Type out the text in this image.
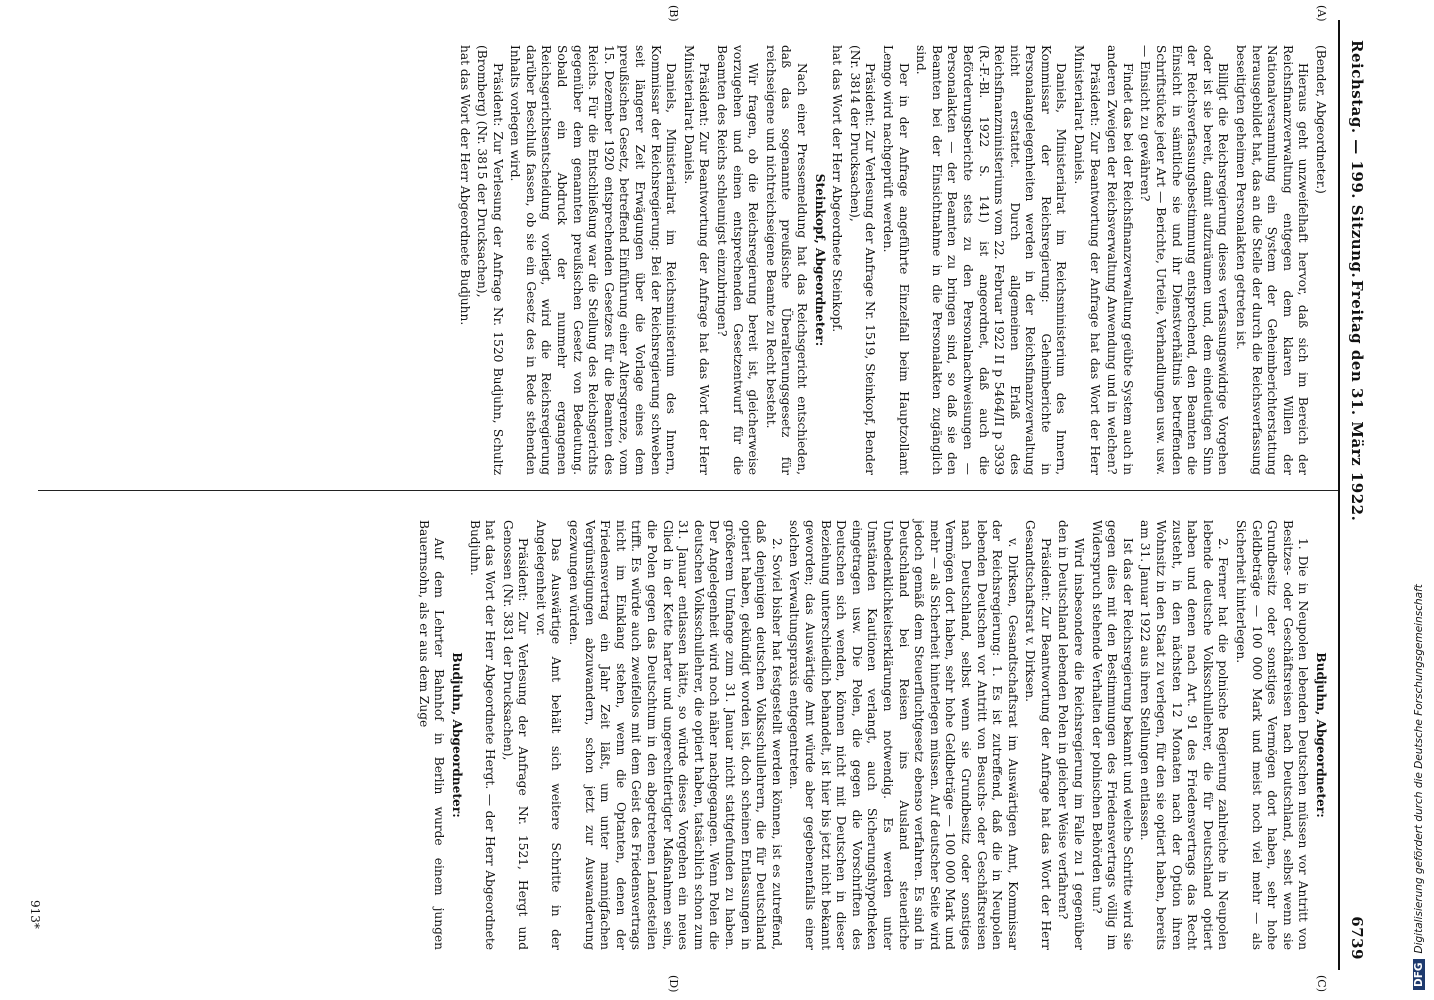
Reichstag. — 199. Sitzung.
Freitag den 31. März 1922.
6739
(A)
(B)
(C)
(D)

(Bender, Abgeordneter.)

Hieraus geht unzweifelhaft hervor, daß sich im Bereich der Reichsfinanzverwaltung entgegen dem klaren Willen der Nationalversammlung ein System der Geheimberichterstattung herausgebildet hat, das an die Stelle der durch die Reichsverfassung beseitigten geheimen Personalakten getreten ist.

Billigt die Reichsregierung dieses verfassungswidrige Vorgehen oder ist sie bereit, damit aufzuräumen und, dem eindeutigen Sinn der Reichsverfassungsbestimmung entsprechend, den Beamten die Einsicht in sämtliche sie und ihr Dienstverhältnis betreffenden Schriftstücke jeder Art — Berichte, Urteile, Verhandlungen usw. usw. — Einsicht zu gewähren?

Findet das bei der Reichsfinanzverwaltung geübte System auch in anderen Zweigen der Reichsverwaltung Anwendung und in welchen?

Präsident: Zur Beantwortung der Anfrage hat das Wort der Herr Ministerialrat Daniels.

Daniels, Ministerialrat im Reichsministerium des Innern, Kommissar der Reichsregierung: Geheimberichte in Personalangelegenheiten werden in der Reichsfinanzverwaltung nicht erstattet. Durch allgemeinen Erlaß des Reichsfinanzministeriums vom 22. Februar 1922 II p 5464/II p 3939 (R.-F.-Bl. 1922 S. 141) ist angeordnet, daß auch die Beförderungsberichte stets zu den Personalnachweisungen — Personalakten — der Beamten zu bringen sind, so daß sie den Beamten bei der Einsichtnahme in die Personalakten zugänglich sind.

Der in der Anfrage angeführte Einzelfall beim Hauptzollamt Lemgo wird nachgeprüft werden.

Präsident: Zur Verlesung der Anfrage Nr. 1519, Steinkopf, Bender (Nr. 3814 der Drucksachen),

hat das Wort der Herr Abgeordnete Steinkopf.

Steinkopf, Abgeordneter:

Nach einer Pressemeldung hat das Reichsgericht entschieden, daß das sogenannte preußische Überalterungsgesetz für reichseigene und nichtreichseigene Beamte zu Recht besteht.

Wir fragen, ob die Reichsregierung bereit ist, gleicherweise vorzugehen und einen entsprechenden Gesetzentwurf für die Beamten des Reichs schleunigst einzubringen?

Präsident: Zur Beantwortung der Anfrage hat das Wort der Herr Ministerialrat Daniels.

Daniels, Ministerialrat im Reichsministerium des Innern, Kommissar der Reichsregierung: Bei der Reichsregierung schweben seit längerer Zeit Erwägungen über die Vorlage eines dem preußischen Gesetz, betreffend Einführung einer Altersgrenze, vom 15. Dezember 1920 entsprechenden Gesetzes für die Beamten des Reichs. Für die Entschließung war die Stellung des Reichsgerichts gegenüber dem genannten preußischen Gesetz von Bedeutung. Sobald ein Abdruck der nunmehr ergangenen Reichsgerichtsentscheidung vorliegt, wird die Reichsregierung darüber Beschluß fassen, ob sie ein Gesetz des in Rede stehenden Inhalts vorlegen wird.

Präsident: Zur Verlesung der Anfrage Nr. 1520 Budjuhn, Schultz (Bromberg) (Nr. 3815 der Drucksachen),

hat das Wort der Herr Abgeordnete Budjuhn.

Budjuhn, Abgeordneter:

1. Die in Neupolen lebenden Deutschen müssen vor Antritt von Besitzes- oder Geschäftsreisen nach Deutschland, selbst wenn sie Grundbesitz oder sonstiges Vermögen dort haben, sehr hohe Geldbeträge — 100 000 Mark und meist noch viel mehr — als Sicherheit hinterlegen.

2. Ferner hat die polnische Regierung zahlreiche in Neupolen lebende deutsche Volksschullehrer, die für Deutschland optiert haben und denen nach Art. 91 des Friedensvertrags das Recht zusteht, in den nächsten 12 Monaten nach der Option ihren Wohnsitz in den Staat zu verlegen, für den sie optiert haben, bereits am 31. Januar 1922 aus ihren Stellungen entlassen.

Ist das der Reichsregierung bekannt und welche Schritte wird sie gegen dies mit den Bestimmungen des Friedensvertrags völlig im Widerspruch stehende Verhalten der polnischen Behörden tun?

Wird insbesondere die Reichsregierung im Falle zu 1 gegenüber den in Deutschland lebenden Polen in gleicher Weise verfahren?

Präsident: Zur Beantwortung der Anfrage hat das Wort der Herr Gesandtschaftsrat v. Dirksen.

v. Dirksen, Gesandtschaftsrat im Auswärtigen Amt, Kommissar der Reichsregierung: 1. Es ist zutreffend, daß die in Neupolen lebenden Deutschen vor Antritt von Besuchs- oder Geschäftsreisen nach Deutschland, selbst wenn sie Grundbesitz oder sonstiges Vermögen dort haben, sehr hohe Geldbeträge — 100 000 Mark und mehr — als Sicherheit hinterlegen müssen. Auf deutscher Seite wird jedoch gemäß dem Steuerfluchtgesetz ebenso verfahren. Es sind in Deutschland bei Reisen ins Ausland steuerliche Unbedenklichkeitserklärungen notwendig. Es werden unter Umständen Kautionen verlangt, auch Sicherungshypotheken eingetragen usw. Die Polen, die gegen die Vorschriften des Deutschen sich wenden, können nicht mit Deutschen in dieser Beziehung unterschiedlich behandelt, ist hier bis jetzt nicht bekannt geworden; das Auswärtige Amt würde aber gegebenenfalls einer solchen Verwaltungspraxis entgegentreten.

2. Soviel bisher hat festgestellt werden können, ist es zutreffend, daß denjenigen deutschen Volksschullehrern, die für Deutschland optiert haben, gekündigt worden ist, doch scheinen Entlassungen in größerem Umfange zum 31. Januar nicht stattgefunden zu haben. Der Angelegenheit wird noch näher nachgegangen. Wenn Polen die deutschen Volksschullehrer, die optiert haben, tatsächlich schon zum 31. Januar entlassen hätte, so würde dieses Vorgehen ein neues Glied in der Kette harter und ungerechtfertigter Maßnahmen sein, die Polen gegen das Deutschtum in den abgetretenen Landesteilen trifft. Es würde auch zweifellos mit dem Geist des Friedensvertrags nicht im Einklang stehen, wenn die Optanten, denen der Friedensvertrag ein Jahr Zeit läßt, um unter mannigfachen Vergünstigungen abzuwandern, schon jetzt zur Auswanderung gezwungen würden.

Das Auswärtige Amt behält sich weitere Schritte in der Angelegenheit vor.

Präsident: Zur Verlesung der Anfrage Nr. 1521, Hergt und Genossen (Nr. 3831 der Drucksachen),

hat das Wort der Herr Abgeordnete Hergt. — der Herr Abgeordnete Budjuhn.

Budjuhn, Abgeordneter:

Auf dem Lehrter Bahnhof in Berlin wurde einem jungen Bauernsohn, als er aus dem Zuge

913*
DFGDigitalisierung gefördert durch die Deutsche Forschungsgemeinschaft
